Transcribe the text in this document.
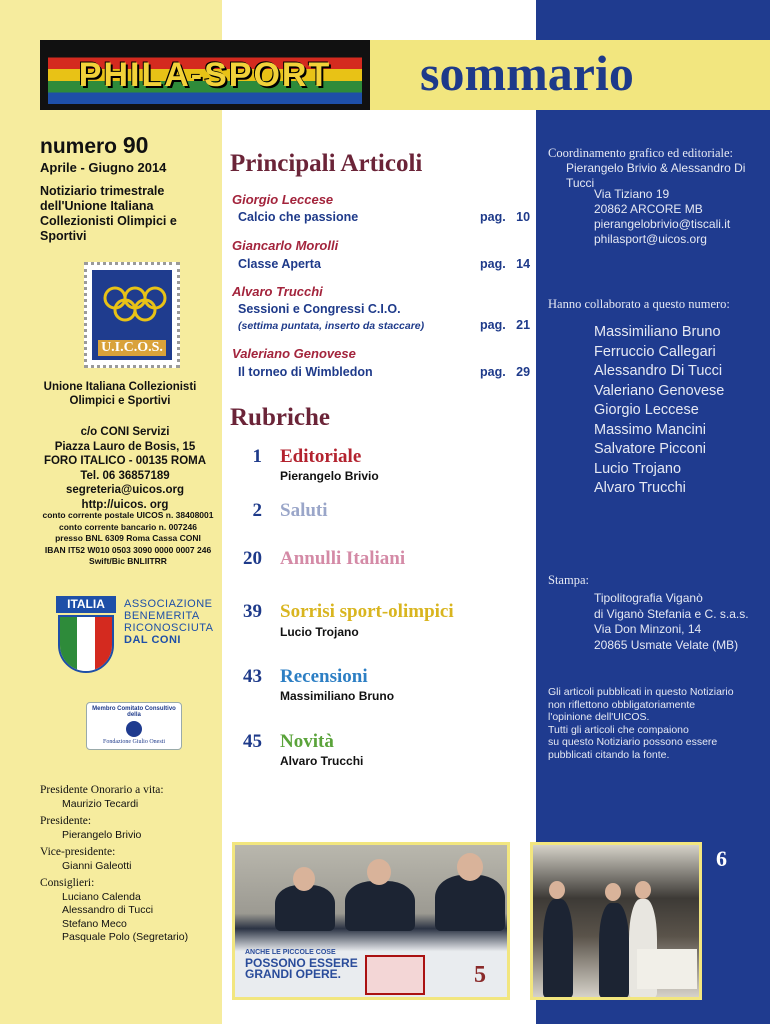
PHILA-SPORT sommario
numero 90
Aprile - Giugno 2014
Notiziario trimestrale dell'Unione Italiana Collezionisti Olimpici e Sportivi
U.I.C.O.S.
Unione Italiana Collezionisti Olimpici e Sportivi
c/o CONI Servizi
Piazza Lauro de Bosis, 15
FORO ITALICO - 00135 ROMA
Tel. 06 36857189
segreteria@uicos.org
http://uicos. org
conto corrente postale UICOS n. 38408001
conto corrente bancario n. 007246
presso BNL 6309 Roma Cassa CONI
IBAN IT52 W010 0503 3090 0000 0007 246
Swift/Bic BNLIITRR
ITALIA	ASSOCIAZIONE
BENEMERITA
RICONOSCIUTA
DAL CONI
Membro Comitato Consultivo della
Fondazione Giulio Onesti
Presidente Onorario a vita:
Maurizio Tecardi
Presidente:
Pierangelo Brivio
Vice-presidente:
Gianni Galeotti
Consiglieri:
Luciano Calenda
Alessandro di Tucci
Stefano Meco
Pasquale Polo (Segretario)
Principali Articoli
Giorgio Leccese
Calcio che passione	pag. 10
Giancarlo Morolli
Classe Aperta	pag. 14
Alvaro Trucchi
Sessioni e Congressi C.I.O.
(settima puntata, inserto da staccare)	pag. 21
Valeriano Genovese
Il torneo di Wimbledon	pag. 29
Rubriche
1 Editoriale
Pierangelo Brivio
2 Saluti
20 Annulli Italiani
39 Sorrisi sport-olimpici
Lucio Trojano
43 Recensioni
Massimiliano Bruno
45 Novità
Alvaro Trucchi
Coordinamento grafico ed editoriale:
Pierangelo Brivio & Alessandro Di Tucci
Via Tiziano 19
20862 ARCORE MB
pierangelobrivio@tiscali.it
philasport@uicos.org
Hanno collaborato a questo numero:
Massimiliano Bruno
Ferruccio Callegari
Alessandro Di Tucci
Valeriano Genovese
Giorgio Leccese
Massimo Mancini
Salvatore Picconi
Lucio Trojano
Alvaro Trucchi
Stampa:
Tipolitografia Viganò
di Viganò Stefania e C. s.a.s.
Via Don Minzoni, 14
20865 Usmate Velate (MB)
Gli articoli pubblicati in questo Notiziario
non riflettono obbligatoriamente
l'opinione dell'UICOS.
Tutti gli articoli che compaiono
su questo Notiziario possono essere
pubblicati citando la fonte.
ANCHE LE PICCOLE COSE
POSSONO ESSERE
GRANDI OPERE.	5
6
